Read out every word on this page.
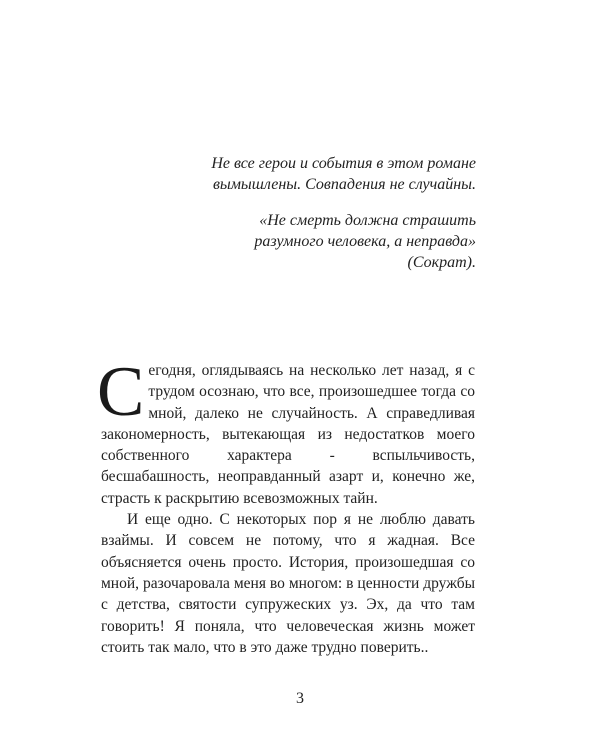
Не все герои и события в этом романе
вымышлены. Совпадения не случайны.
«Не смерть должна страшить
разумного человека, а неправда»
(Сократ).

Сегодня, оглядываясь на несколько лет назад, я с трудом осознаю, что все, произошедшее тогда со мной, далеко не случайность. А справедливая закономерность, вытекающая из недостатков моего собственного характера - вспыльчивость, бесшабашность, неоправданный азарт и, конечно же, страсть к раскрытию всевозможных тайн.

И еще одно. С некоторых пор я не люблю давать взаймы. И совсем не потому, что я жадная. Все объясняется очень просто. История, произошедшая со мной, разочаровала меня во многом: в ценности дружбы с детства, святости супружеских уз. Эх, да что там говорить! Я поняла, что человеческая жизнь может стоить так мало, что в это даже трудно поверить..

3
